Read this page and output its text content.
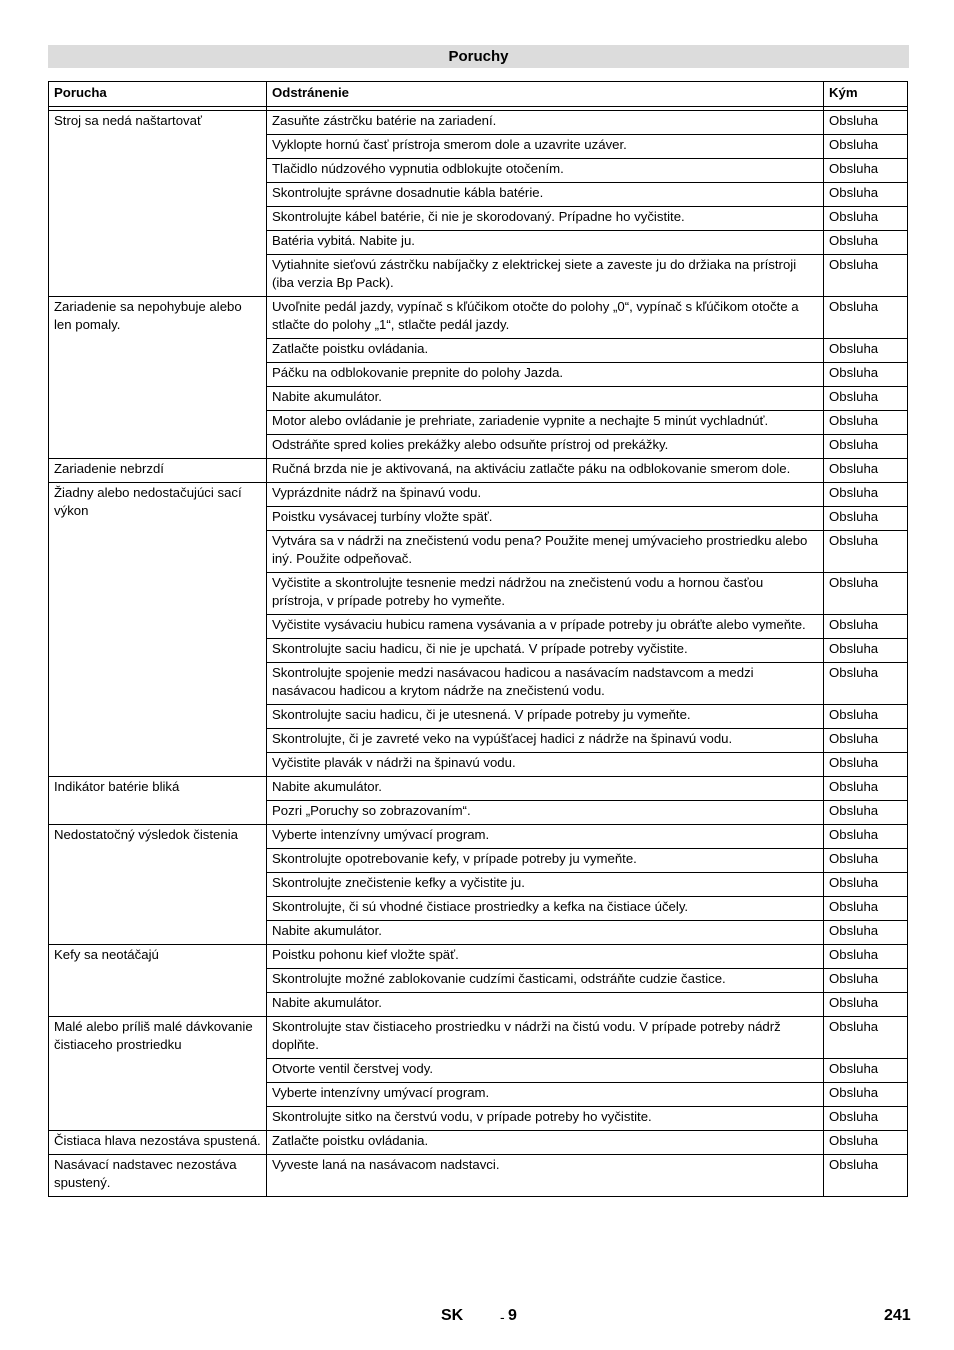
Poruchy
Porucha	Odstránenie	Kým

Stroj sa nedá naštartovať	Zasuňte zástrčku batérie na zariadení.	Obsluha
	Vyklopte hornú časť prístroja smerom dole a uzavrite uzáver.	Obsluha
	Tlačidlo núdzového vypnutia odblokujte otočením.	Obsluha
	Skontrolujte správne dosadnutie kábla batérie.	Obsluha
	Skontrolujte kábel batérie, či nie je skorodovaný. Prípadne ho vyčistite.	Obsluha
	Batéria vybitá. Nabite ju.	Obsluha
	Vytiahnite sieťovú zástrčku nabíjačky z elektrickej siete a zaveste ju do držiaka na prístroji (iba verzia Bp Pack).	Obsluha
Zariadenie sa nepohybuje alebo len pomaly.	Uvoľnite pedál jazdy, vypínač s kľúčikom otočte do polohy „0“, vypínač s kľúčikom otočte a stlačte do polohy „1“, stlačte pedál jazdy.	Obsluha
	Zatlačte poistku ovládania.	Obsluha
	Páčku na odblokovanie prepnite do polohy Jazda.	Obsluha
	Nabite akumulátor.	Obsluha
	Motor alebo ovládanie je prehriate, zariadenie vypnite a nechajte 5 minút vychladnúť.	Obsluha
	Odstráňte spred kolies prekážky alebo odsuňte prístroj od prekážky.	Obsluha
Zariadenie nebrzdí	Ručná brzda nie je aktivovaná, na aktiváciu zatlačte páku na odblokovanie smerom dole.	Obsluha
Žiadny alebo nedostačujúci sací výkon	Vyprázdnite nádrž na špinavú vodu.	Obsluha
	Poistku vysávacej turbíny vložte späť.	Obsluha
	Vytvára sa v nádrži na znečistenú vodu pena? Použite menej umývacieho prostriedku alebo iný. Použite odpeňovač.	Obsluha
	Vyčistite a skontrolujte tesnenie medzi nádržou na znečistenú vodu a hornou časťou prístroja, v prípade potreby ho vymeňte.	Obsluha
	Vyčistite vysávaciu hubicu ramena vysávania a v prípade potreby ju obráťte alebo vymeňte.	Obsluha
	Skontrolujte saciu hadicu, či nie je upchatá. V prípade potreby vyčistite.	Obsluha
	Skontrolujte spojenie medzi nasávacou hadicou a nasávacím nadstavcom a medzi nasávacou hadicou a krytom nádrže na znečistenú vodu.	Obsluha
	Skontrolujte saciu hadicu, či je utesnená. V prípade potreby ju vymeňte.	Obsluha
	Skontrolujte, či je zavreté veko na vypúšťacej hadici z nádrže na špinavú vodu.	Obsluha
	Vyčistite plavák v nádrži na špinavú vodu.	Obsluha
Indikátor batérie bliká	Nabite akumulátor.	Obsluha
	Pozri „Poruchy so zobrazovaním“.	Obsluha
Nedostatočný výsledok čistenia	Vyberte intenzívny umývací program.	Obsluha
	Skontrolujte opotrebovanie kefy, v prípade potreby ju vymeňte.	Obsluha
	Skontrolujte znečistenie kefky a vyčistite ju.	Obsluha
	Skontrolujte, či sú vhodné čistiace prostriedky a kefka na čistiace účely.	Obsluha
	Nabite akumulátor.	Obsluha
Kefy sa neotáčajú	Poistku pohonu kief vložte späť.	Obsluha
	Skontrolujte možné zablokovanie cudzími časticami, odstráňte cudzie častice.	Obsluha
	Nabite akumulátor.	Obsluha
Malé alebo príliš malé dávkovanie čistiaceho prostriedku	Skontrolujte stav čistiaceho prostriedku v nádrži na čistú vodu. V prípade potreby nádrž doplňte.	Obsluha
	Otvorte ventil čerstvej vody.	Obsluha
	Vyberte intenzívny umývací program.	Obsluha
	Skontrolujte sitko na čerstvú vodu, v prípade potreby ho vyčistite.	Obsluha
Čistiaca hlava nezostáva spustená.	Zatlačte poistku ovládania.	Obsluha
Nasávací nadstavec nezostáva spustený.	Vyveste laná na nasávacom nadstavci.	Obsluha
SK	- 9	241
